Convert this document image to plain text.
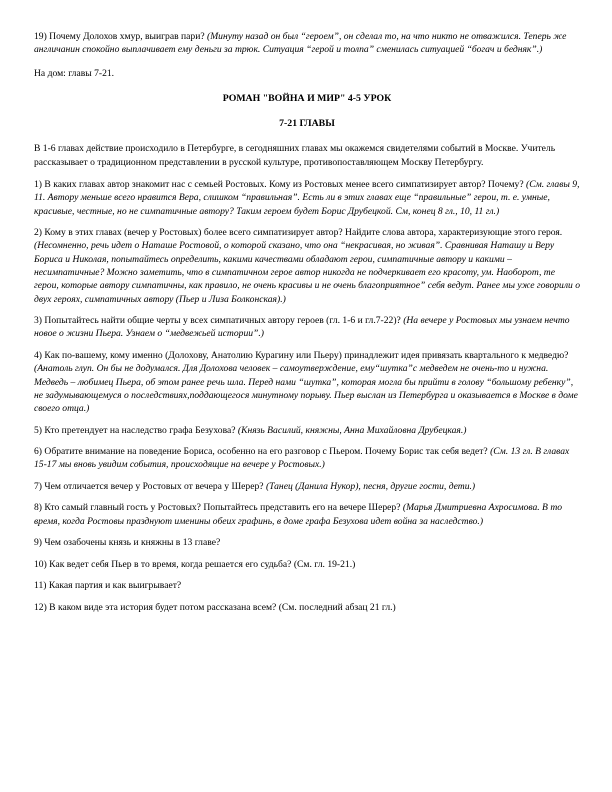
19) Почему Долохов хмур, выиграв пари? (Минуту назад он был “героем”, он сделал то, на что никто не отважился. Теперь же англичанин спокойно выплачивает ему деньги за трюк. Ситуация “герой и толпа” сменилась ситуацией “богач и бедняк”.)

На дом: главы 7-21.

РОМАН "ВОЙНА И МИР" 4-5 УРОК
7-21 ГЛАВЫ

В 1-6 главах действие происходило в Петербурге, в сегодняшних главах мы окажемся свидетелями событий в Москве. Учитель рассказывает о традиционном представлении в русской культуре, противопоставляющем Москву Петербургу.

1) В каких главах автор знакомит нас с семьей Ростовых. Кому из Ростовых менее всего симпатизирует автор? Почему? (См. главы 9, 11. Автору меньше всего нравится Вера, слишком “правильная”. Есть ли в этих главах еще “правильные” герои, т. е. умные, красивые, честные, но не симпатичные автору? Таким героем будет Борис Друбецкой. См, конец 8 гл., 10, 11 гл.)

2) Кому в этих главах (вечер у Ростовых) более всего симпатизирует автор? Найдите слова автора, характеризующие этого героя. (Несомненно, речь идет о Наташе Ростовой, о которой сказано, что она “некрасивая, но живая”. Сравнивая Наташу и Веру Бориса и Николая, попытайтесь определить, какими качествами обладают герои, симпатичные автору и какими – несимпатичные? Можно заметить, что в симпатичном герое автор никогда не подчеркивает его красоту, ум. Наоборот, те герои, которые автору симпатичны, как правило, не очень красивы и не очень благоприятное” себя ведут. Ранее мы уже говорили о двух героях, симпатичных автору (Пьер и Лиза Болконская).)

3) Попытайтесь найти общие черты у всех симпатичных автору героев (гл. 1-6 и гл.7-22)? (На вечере у Ростовых мы узнаем нечто новое о жизни Пьера. Узнаем о “медвежьей истории”.)

4) Как по-вашему, кому именно (Долохову, Анатолию Курагину или Пьеру) принадлежит идея привязать квартального к медведю? (Анатоль глуп. Он бы не додумался. Для Долохова человек – самоутверждение, ему“шутка”с медведем не очень-то и нужна. Медведь – любимец Пьера, об этом ранее речь шла. Перед нами “шутка”, которая могла бы прийти в голову “большому ребенку”, не задумывающемуся о последствиях,поддающегося минутному порыву. Пьер выслан из Петербурга и оказывается в Москве в доме своего отца.)

5) Кто претендует на наследство графа Безухова? (Князь Василий, княжны, Анна Михайловна Друбецкая.)

6) Обратите внимание на поведение Бориса, особенно на его разговор с Пьером. Почему Борис так себя ведет? (См. 13 гл. В главах 15-17 мы вновь увидим события, происходящие на вечере у Ростовых.)

7) Чем отличается вечер у Ростовых от вечера у Шерер? (Танец (Данила Нукор), песня, другие гости, дети.)

8) Кто самый главный гость у Ростовых? Попытайтесь представить его на вечере Шерер? (Марья Дмитриевна Ахросимова. В то время, когда Ростовы празднуют именины обеих графинь, в доме графа Безухова идет война за наследство.)

9) Чем озабочены князь и княжны в 13 главе?

10) Как ведет себя Пьер в то время, когда решается его судьба? (См. гл. 19-21.)

11) Какая партия и как выигрывает?

12) В каком виде эта история будет потом рассказана всем? (См. последний абзац 21 гл.)
